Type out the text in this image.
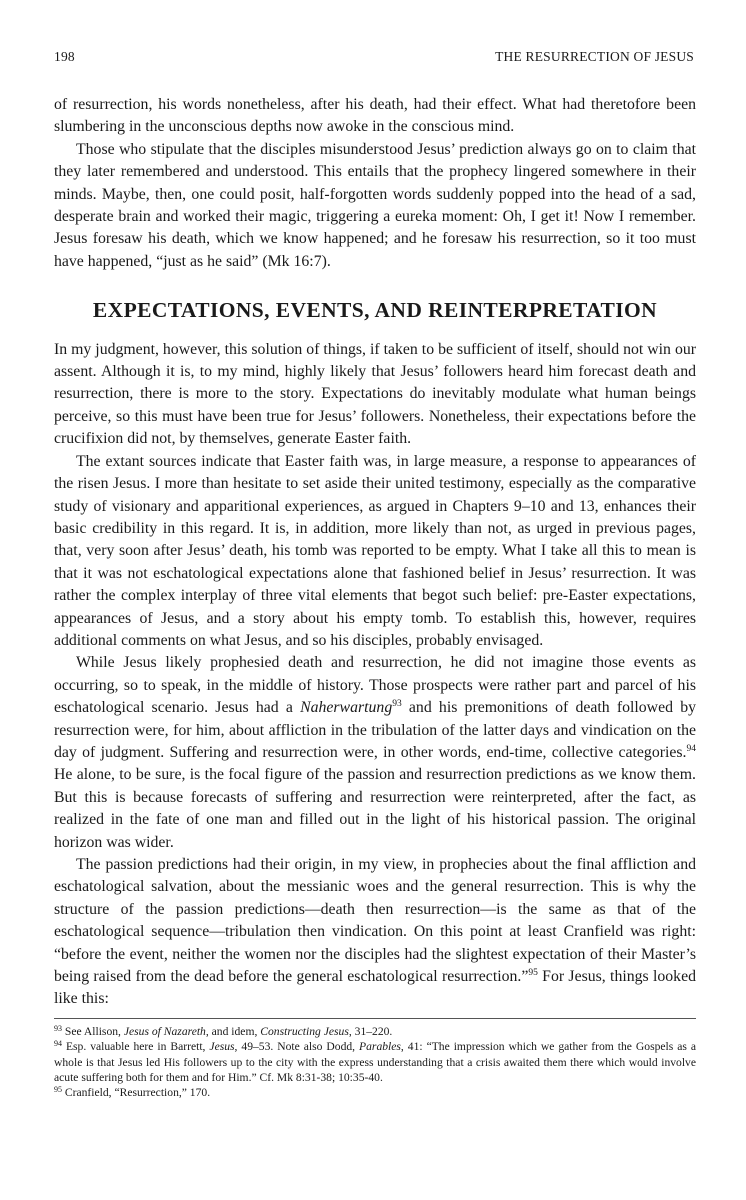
198	THE RESURRECTION OF JESUS

of resurrection, his words nonetheless, after his death, had their effect. What had theretofore been slumbering in the unconscious depths now awoke in the conscious mind.

Those who stipulate that the disciples misunderstood Jesus’ prediction always go on to claim that they later remembered and understood. This entails that the prophecy lingered somewhere in their minds. Maybe, then, one could posit, half-forgotten words suddenly popped into the head of a sad, desperate brain and worked their magic, triggering a eureka moment: Oh, I get it! Now I remember. Jesus foresaw his death, which we know happened; and he foresaw his resurrection, so it too must have happened, “just as he said” (Mk 16:7).

EXPECTATIONS, EVENTS, AND REINTERPRETATION

In my judgment, however, this solution of things, if taken to be sufficient of itself, should not win our assent. Although it is, to my mind, highly likely that Jesus’ followers heard him forecast death and resurrection, there is more to the story. Expectations do inevitably modulate what human beings perceive, so this must have been true for Jesus’ followers. Nonetheless, their expectations before the crucifixion did not, by themselves, generate Easter faith.

The extant sources indicate that Easter faith was, in large measure, a response to appearances of the risen Jesus. I more than hesitate to set aside their united testimony, especially as the comparative study of visionary and apparitional experiences, as argued in Chapters 9–10 and 13, enhances their basic credibility in this regard. It is, in addition, more likely than not, as urged in previous pages, that, very soon after Jesus’ death, his tomb was reported to be empty. What I take all this to mean is that it was not eschatological expectations alone that fashioned belief in Jesus’ resurrection. It was rather the complex interplay of three vital elements that begot such belief: pre-Easter expectations, appearances of Jesus, and a story about his empty tomb. To establish this, however, requires additional comments on what Jesus, and so his disciples, probably envisaged.

While Jesus likely prophesied death and resurrection, he did not imagine those events as occurring, so to speak, in the middle of history. Those prospects were rather part and parcel of his eschatological scenario. Jesus had a Naherwartung$^{93}$ and his premonitions of death followed by resurrection were, for him, about affliction in the tribulation of the latter days and vindication on the day of judgment. Suffering and resurrection were, in other words, end-time, collective categories.$^{94}$ He alone, to be sure, is the focal figure of the passion and resurrection predictions as we know them. But this is because forecasts of suffering and resurrection were reinterpreted, after the fact, as realized in the fate of one man and filled out in the light of his historical passion. The original horizon was wider.

The passion predictions had their origin, in my view, in prophecies about the final affliction and eschatological salvation, about the messianic woes and the general resurrection. This is why the structure of the passion predictions—death then resurrection—is the same as that of the eschatological sequence—tribulation then vindication. On this point at least Cranfield was right: “before the event, neither the women nor the disciples had the slightest expectation of their Master’s being raised from the dead before the general eschatological resurrection.”$^{95}$ For Jesus, things looked like this:

$^{93}$ See Allison, Jesus of Nazareth, and idem, Constructing Jesus, 31–220.

$^{94}$ Esp. valuable here in Barrett, Jesus, 49–53. Note also Dodd, Parables, 41: “The impression which we gather from the Gospels as a whole is that Jesus led His followers up to the city with the express understanding that a crisis awaited them there which would involve acute suffering both for them and for Him.” Cf. Mk 8:31-38; 10:35-40.

$^{95}$ Cranfield, “Resurrection,” 170.
